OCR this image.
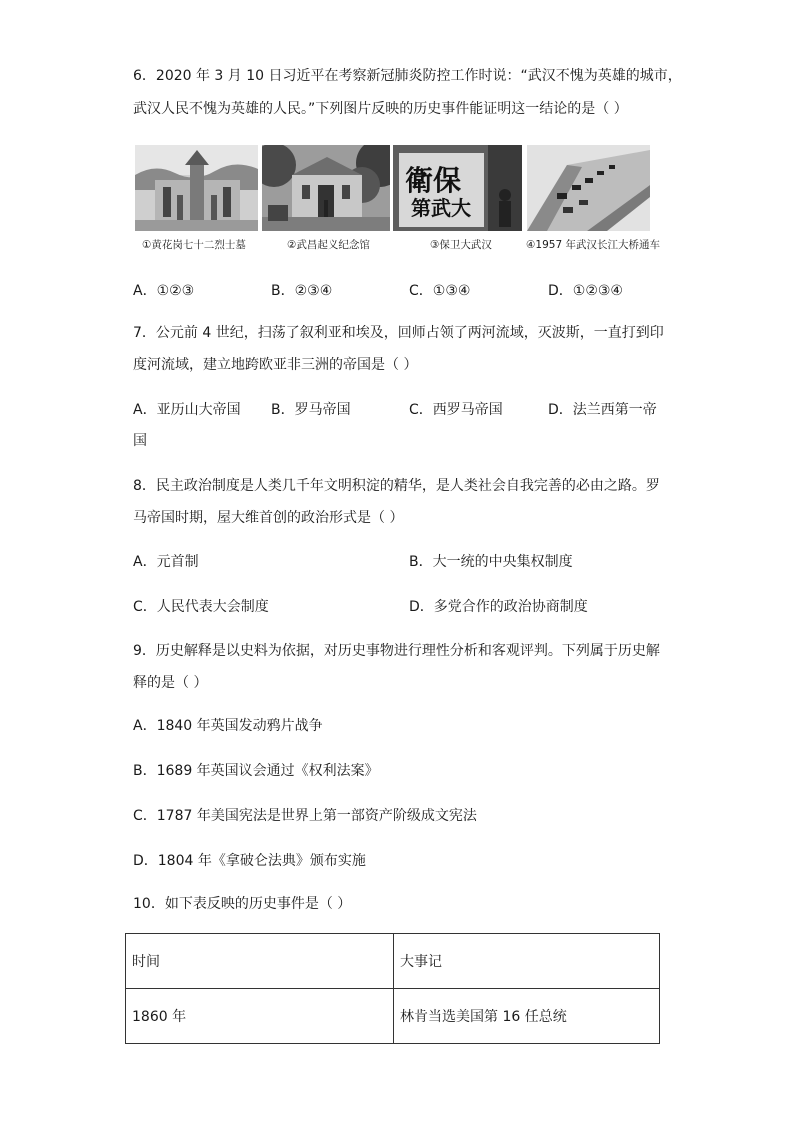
6．2020 年 3 月 10 日习近平在考察新冠肺炎防控工作时说：“武汉不愧为英雄的城市，
武汉人民不愧为英雄的人民。”下列图片反映的历史事件能证明这一结论的是（ ）
衛保
第武大
①黄花岗七十二烈士墓	②武昌起义纪念馆	③保卫大武汉	④1957 年武汉长江大桥通车
A．①②③	B．②③④	C．①③④	D．①②③④
7．公元前 4 世纪，扫荡了叙利亚和埃及，回师占领了两河流域，灭波斯，一直打到印
度河流域，建立地跨欧亚非三洲的帝国是（ ）
A．亚历山大帝国 B．罗马帝国	C．西罗马帝国	D．法兰西第一帝
国
8．民主政治制度是人类几千年文明积淀的精华，是人类社会自我完善的必由之路。罗
马帝国时期，屋大维首创的政治形式是（ ）
A．元首制	B．大一统的中央集权制度
C．人民代表大会制度	D．多党合作的政治协商制度
9．历史解释是以史料为依据，对历史事物进行理性分析和客观评判。下列属于历史解
释的是（ ）
A．1840 年英国发动鸦片战争
B．1689 年英国议会通过《权利法案》
C．1787 年美国宪法是世界上第一部资产阶级成文宪法
D．1804 年《拿破仑法典》颁布实施
10．如下表反映的历史事件是（ ）
时间	大事记
1860 年	林肯当选美国第 16 任总统
